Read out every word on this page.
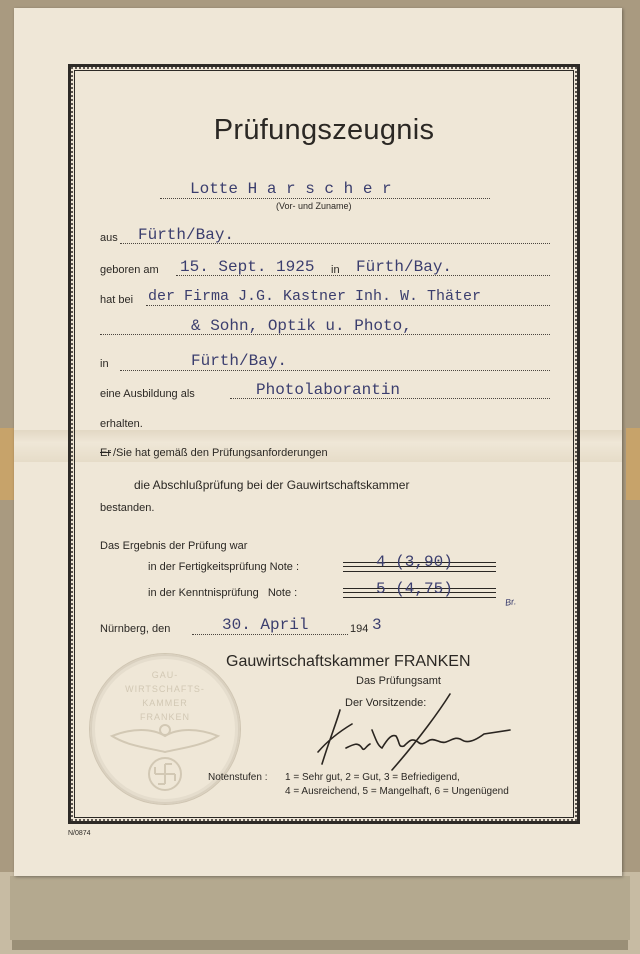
Prüfungszeugnis
Lotte H a r s c h e r
(Vor- und Zuname)
aus Fürth/Bay.
geboren am 15. Sept. 1925 in Fürth/Bay.
hat bei der Firma J.G. Kastner Inh. W. Thäter
& Sohn, Optik u. Photo,
in	Fürth/Bay.
eine Ausbildung als	Photolaborantin
erhalten.
Er /Sie hat gemäß den Prüfungsanforderungen
die Abschlußprüfung bei der Gauwirtschaftskammer
bestanden.
Das Ergebnis der Prüfung war
in der Fertigkeitsprüfung Note :	4 (3,90)
in der Kenntnisprüfung   Note :	5 (4,75)
Br.
Nürnberg, den	30. April	194 3
Gauwirtschaftskammer FRANKEN
Das Prüfungsamt
Der Vorsitzende:
GAU-
WIRTSCHAFTS-
KAMMER
FRANKEN
Notenstufen : 1 = Sehr gut, 2 = Gut, 3 = Befriedigend,
4 = Ausreichend, 5 = Mangelhaft, 6 = Ungenügend
N/0874
